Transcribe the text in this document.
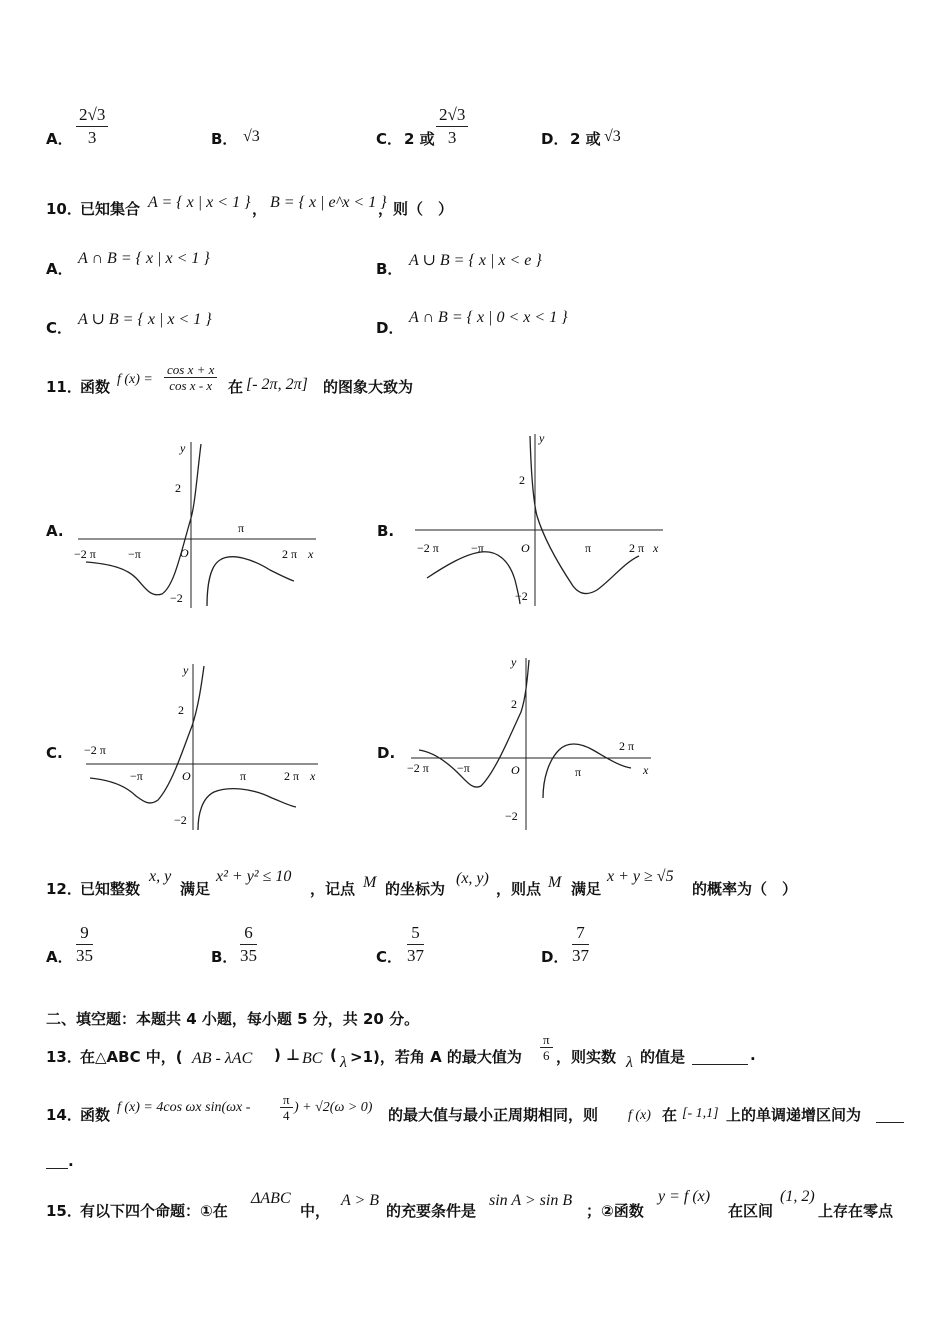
A． $\frac{2√3}{3}$	B． √3	C． 2 或 $\frac{2√3}{3}$	D． 2 或 √3
10．
已知集合 A = { x | x < 1 } ， B = { x | e^x < 1 }
，则（　）
A．
A ∩ B = { x | x < 1 }
B． A ∪ B = { x | x < e }
C． A ∪ B = { x | x < 1 }	D．
A ∩ B = { x | 0 < x < 1 }
11．
函数 f $(x) = \frac{\text{cos x + x}}{\text{cos x - x}}$ 在 [- 2π, 2π] 的图象大致为
A.	B.
C.	D.
y
2
−2
O
π
−π
−2 π	2 π x
y
2
−2
O	π
−π
−2 π	2 π x
y
2
−2
O	π
−π
−2 π
2 π x
y
2
−2
O	π
−π
−2 π
2 π
x
12．
已知整数
x, y
满足
x² + y² ≤ 10
，记点 M 的坐标为
(x, y)
，则点 M 满足
x + y ≥ √5
的概率为（　）
A． $\frac{9}{35}$	B． $\frac{6}{35}$	C． $\frac{5}{37}$	D． $\frac{7}{37}$
二、填空题：本题共 4 小题，每小题 5 分，共 20 分。
13．
在△ABC 中，( AB - λAC ) ⊥ BC ( λ >1)，若角 A 的最大值为 $\frac{\pi}{6}$ ，则实数 λ 的值是	.
14．
函数 f (x) = 4cos ωx $\sin(\omega x - \frac{\pi}{4}$ ) + √2(ω > 0) 的最大值与最小正周期相同，则 f (x) 在 [- 1,1] 上的单调递增区间为
.
15．
有以下四个命题：①在
ΔABC
中，
A > B
的充要条件是
sin A > sin B
；②函数
y = f (x)
在区间
(1, 2)
上存在零点
